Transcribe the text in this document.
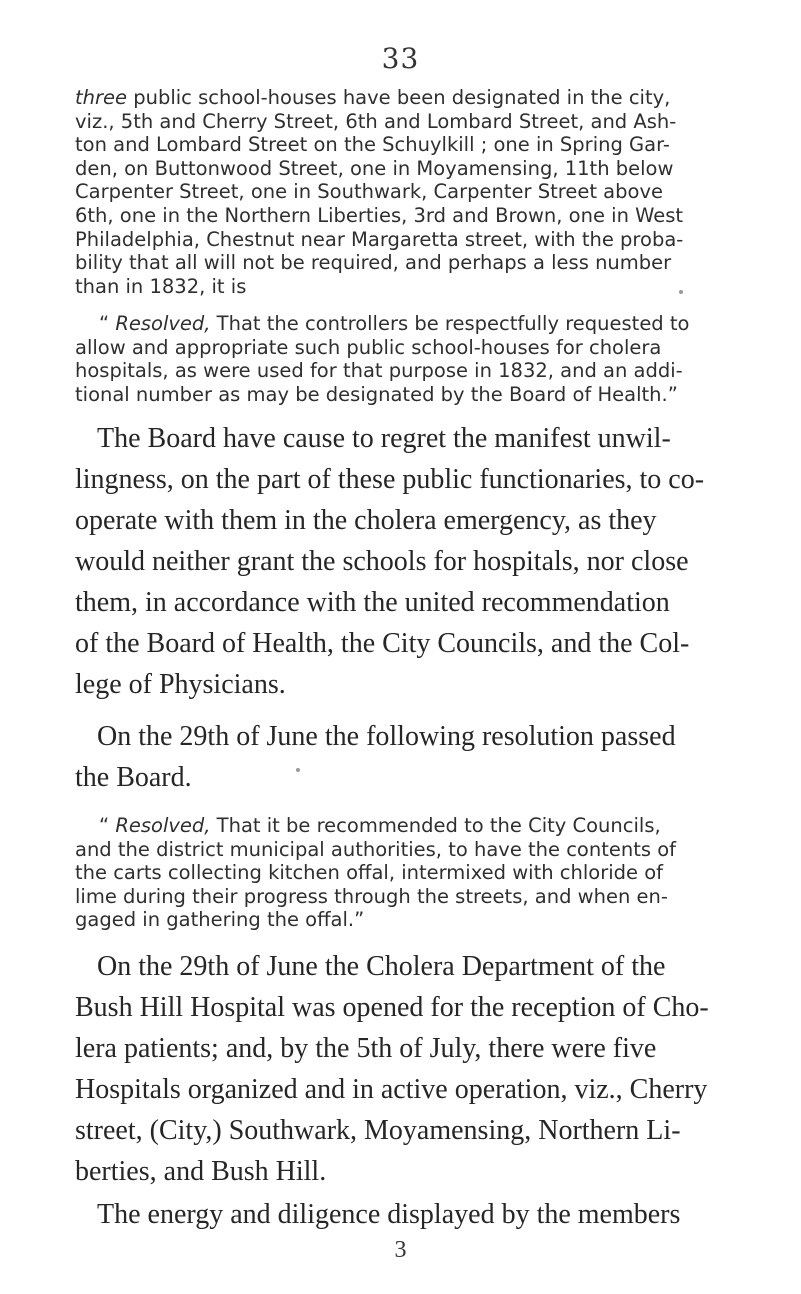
33
three public school-houses have been designated in the city,
viz., 5th and Cherry Street, 6th and Lombard Street, and Ash-
ton and Lombard Street on the Schuylkill ; one in Spring Gar-
den, on Buttonwood Street, one in Moyamensing, 11th below
Carpenter Street, one in Southwark, Carpenter Street above
6th, one in the Northern Liberties, 3rd and Brown, one in West
Philadelphia, Chestnut near Margaretta street, with the proba-
bility that all will not be required, and perhaps a less number
than in 1832, it is
“ Resolved, That the controllers be respectfully requested to
allow and appropriate such public school-houses for cholera
hospitals, as were used for that purpose in 1832, and an addi-
tional number as may be designated by the Board of Health.”
The Board have cause to regret the manifest unwil-
lingness, on the part of these public functionaries, to co-
operate with them in the cholera emergency, as they
would neither grant the schools for hospitals, nor close
them, in accordance with the united recommendation
of the Board of Health, the City Councils, and the Col-
lege of Physicians.
On the 29th of June the following resolution passed
the Board.
“ Resolved, That it be recommended to the City Councils,
and the district municipal authorities, to have the contents of
the carts collecting kitchen offal, intermixed with chloride of
lime during their progress through the streets, and when en-
gaged in gathering the offal.”
On the 29th of June the Cholera Department of the
Bush Hill Hospital was opened for the reception of Cho-
lera patients; and, by the 5th of July, there were five
Hospitals organized and in active operation, viz., Cherry
street, (City,) Southwark, Moyamensing, Northern Li-
berties, and Bush Hill.
The energy and diligence displayed by the members
3
